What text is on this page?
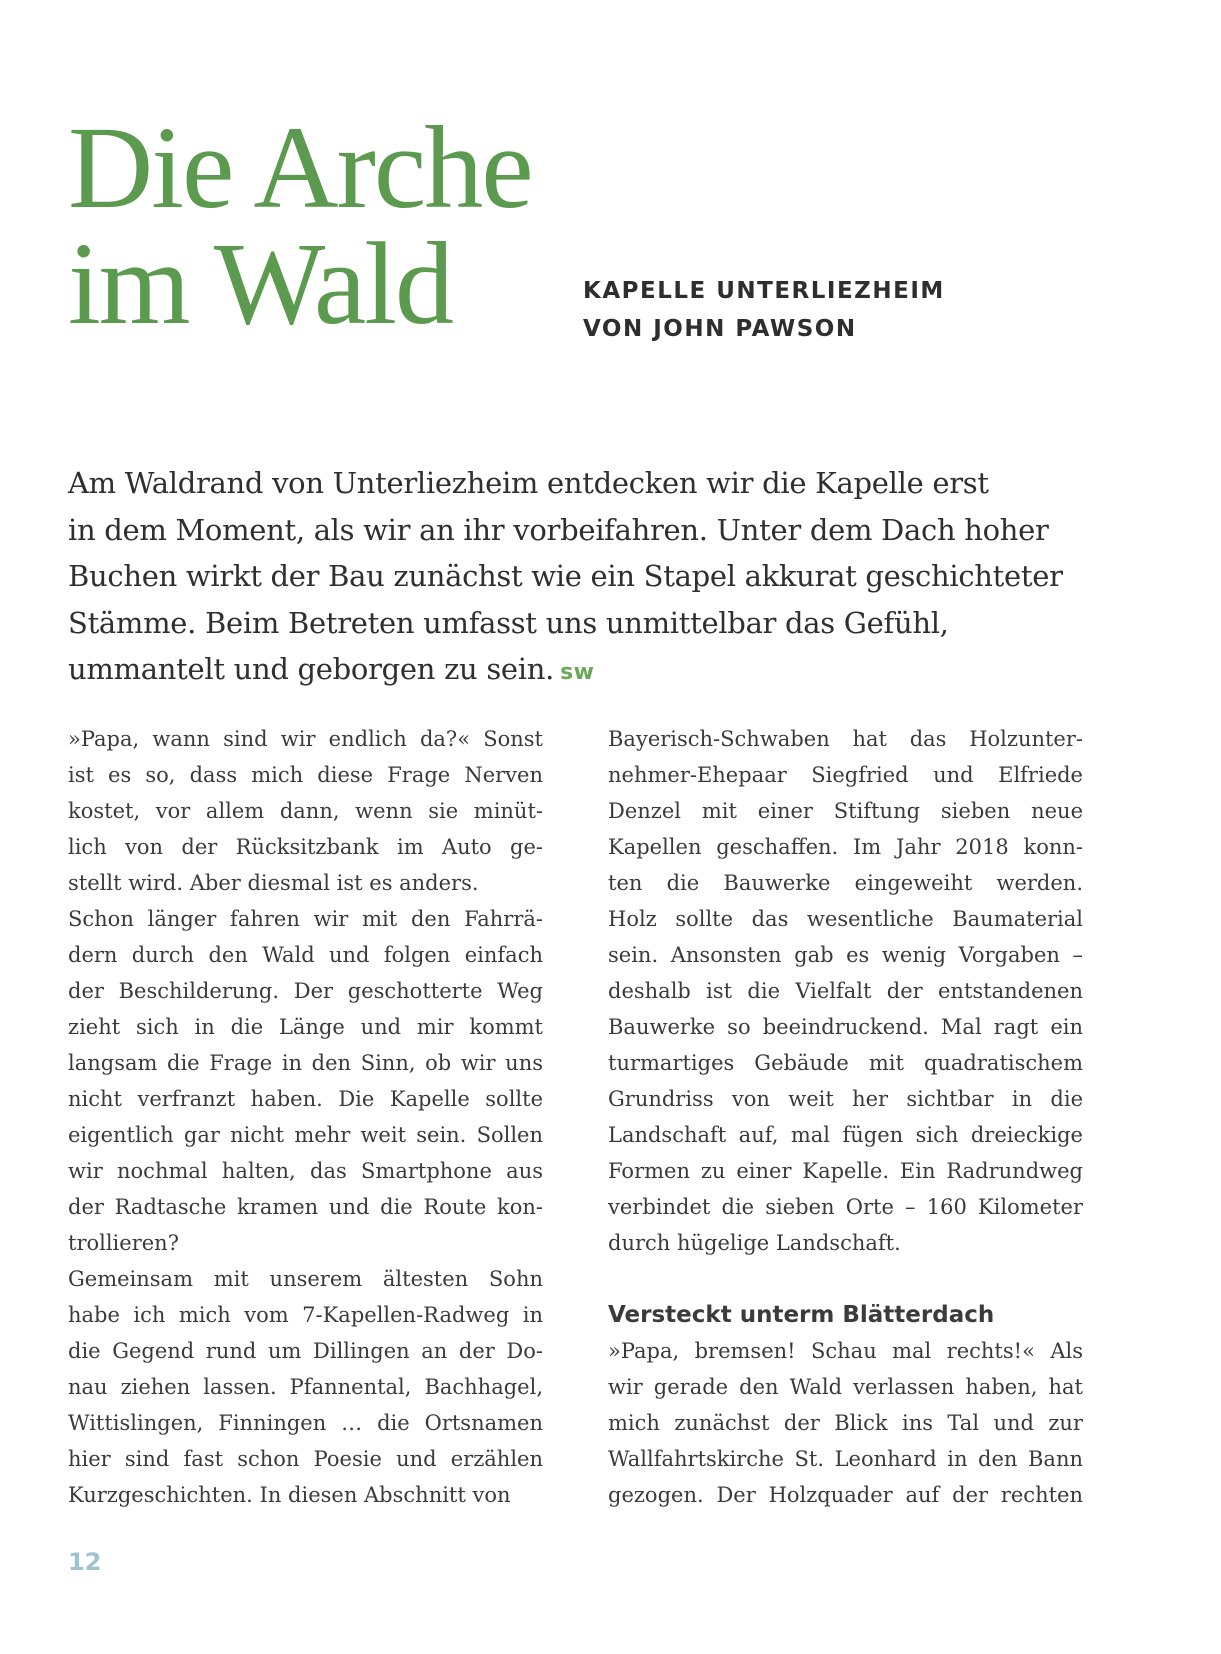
Die Arche
im Wald	KAPELLE UNTERLIEZHEIM
VON JOHN PAWSON
Am Waldrand von Unterliezheim entdecken wir die Kapelle erst
in dem Moment, als wir an ihr vorbeifahren. Unter dem Dach hoher
Buchen wirkt der Bau zunächst wie ein Stapel akkurat geschichteter
Stämme. Beim Betreten umfasst uns unmittelbar das Gefühl,
ummantelt und geborgen zu sein. sw
»Papa, wann sind wir endlich da?« Sonst
ist es so, dass mich diese Frage Nerven
kostet, vor allem dann, wenn sie minüt-
lich von der Rücksitzbank im Auto ge-
stellt wird. Aber diesmal ist es anders.
Schon länger fahren wir mit den Fahrrä-
dern durch den Wald und folgen einfach
der Beschilderung. Der geschotterte Weg
zieht sich in die Länge und mir kommt
langsam die Frage in den Sinn, ob wir uns
nicht verfranzt haben. Die Kapelle sollte
eigentlich gar nicht mehr weit sein. Sollen
wir nochmal halten, das Smartphone aus
der Radtasche kramen und die Route kon-
trollieren?
Gemeinsam mit unserem ältesten Sohn
habe ich mich vom 7-Kapellen-Radweg in
die Gegend rund um Dillingen an der Do-
nau ziehen lassen. Pfannental, Bachhagel,
Wittislingen, Finningen … die Ortsnamen
hier sind fast schon Poesie und erzählen
Kurzgeschichten. In diesen Abschnitt von
Bayerisch-Schwaben hat das Holzunter-
nehmer-Ehepaar Siegfried und Elfriede
Denzel mit einer Stiftung sieben neue
Kapellen geschaffen. Im Jahr 2018 konn-
ten die Bauwerke eingeweiht werden.
Holz sollte das wesentliche Baumaterial
sein. Ansonsten gab es wenig Vorgaben –
deshalb ist die Vielfalt der entstandenen
Bauwerke so beeindruckend. Mal ragt ein
turmartiges Gebäude mit quadratischem
Grundriss von weit her sichtbar in die
Landschaft auf, mal fügen sich dreieckige
Formen zu einer Kapelle. Ein Radrundweg
verbindet die sieben Orte – 160 Kilometer
durch hügelige Landschaft.
Versteckt unterm Blätterdach
»Papa, bremsen! Schau mal rechts!« Als
wir gerade den Wald verlassen haben, hat
mich zunächst der Blick ins Tal und zur
Wallfahrtskirche St. Leonhard in den Bann
gezogen. Der Holzquader auf der rechten
12
